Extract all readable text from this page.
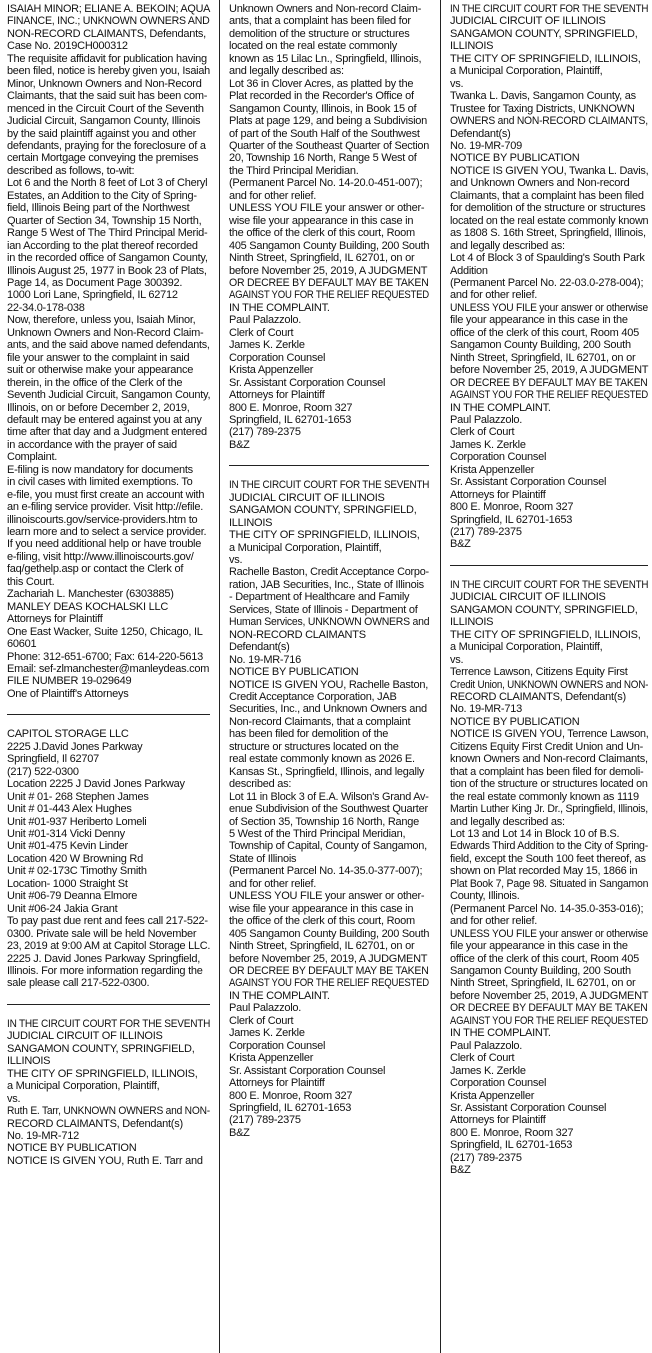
ISAIAH MINOR; ELIANE A. BEKOIN; AQUA
FINANCE, INC.; UNKNOWN OWNERS AND
NON-RECORD CLAIMANTS, Defendants,
Case No. 2019CH000312
The requisite affidavit for publication having
been filed, notice is hereby given you, Isaiah
Minor, Unknown Owners and Non-Record
Claimants, that the said suit has been com-
menced in the Circuit Court of the Seventh
Judicial Circuit, Sangamon County, Illinois
by the said plaintiff against you and other
defendants, praying for the foreclosure of a
certain Mortgage conveying the premises
described as follows, to-wit:
Lot 6 and the North 8 feet of Lot 3 of Cheryl
Estates, an Addition to the City of Spring-
field, Illinois Being part of the Northwest
Quarter of Section 34, Township 15 North,
Range 5 West of The Third Principal Merid-
ian According to the plat thereof recorded
in the recorded office of Sangamon County,
Illinois August 25, 1977 in Book 23 of Plats,
Page 14, as Document Page 300392.
1000 Lori Lane, Springfield, IL 62712
22-34.0-178-038
Now, therefore, unless you, Isaiah Minor,
Unknown Owners and Non-Record Claim-
ants, and the said above named defendants,
file your answer to the complaint in said
suit or otherwise make your appearance
therein, in the office of the Clerk of the
Seventh Judicial Circuit, Sangamon County,
Illinois, on or before December 2, 2019,
default may be entered against you at any
time after that day and a Judgment entered
in accordance with the prayer of said
Complaint.
E-filing is now mandatory for documents
in civil cases with limited exemptions. To
e-file, you must first create an account with
an e-filing service provider. Visit http://efile.
illinoiscourts.gov/service-providers.htm to
learn more and to select a service provider.
If you need additional help or have trouble
e-filing, visit http://www.illinoiscourts.gov/
faq/gethelp.asp or contact the Clerk of
this Court.
Zachariah L. Manchester (6303885)
MANLEY DEAS KOCHALSKI LLC
Attorneys for Plaintiff
One East Wacker, Suite 1250, Chicago, IL
60601
Phone: 312-651-6700; Fax: 614-220-5613
Email: sef-zlmanchester@manleydeas.com
FILE NUMBER 19-029649
One of Plaintiff's Attorneys
CAPITOL STORAGE LLC
2225 J.David Jones Parkway
Springfield, Il 62707
(217) 522-0300
Location 2225 J David Jones Parkway
Unit # 01- 268 Stephen James
Unit # 01-443 Alex Hughes
Unit #01-937 Heriberto Lomeli
Unit #01-314 Vicki Denny
Unit #01-475 Kevin Linder
Location 420 W Browning Rd
Unit # 02-173C Timothy Smith
Location- 1000 Straight St
Unit #06-79 Deanna Elmore
Unit #06-24 Jakia Grant
To pay past due rent and fees call 217-522-
0300. Private sale will be held November
23, 2019 at 9:00 AM at Capitol Storage LLC.
2225 J. David Jones Parkway Springfield,
Illinois. For more information regarding the
sale please call 217-522-0300.
IN THE CIRCUIT COURT FOR THE SEVENTH
JUDICIAL CIRCUIT OF ILLINOIS
SANGAMON COUNTY, SPRINGFIELD,
ILLINOIS
THE CITY OF SPRINGFIELD, ILLINOIS,
a Municipal Corporation, Plaintiff,
vs.
Ruth E. Tarr, UNKNOWN OWNERS and NON-
RECORD CLAIMANTS, Defendant(s)
No. 19-MR-712
NOTICE BY PUBLICATION
NOTICE IS GIVEN YOU, Ruth E. Tarr and
Unknown Owners and Non-record Claim-
ants, that a complaint has been filed for
demolition of the structure or structures
located on the real estate commonly
known as 15 Lilac Ln., Springfield, Illinois,
and legally described as:
Lot 36 in Clover Acres, as platted by the
Plat recorded in the Recorder's Office of
Sangamon County, Illinois, in Book 15 of
Plats at page 129, and being a Subdivision
of part of the South Half of the Southwest
Quarter of the Southeast Quarter of Section
20, Township 16 North, Range 5 West of
the Third Principal Meridian.
(Permanent Parcel No. 14-20.0-451-007);
and for other relief.
UNLESS YOU FILE your answer or other-
wise file your appearance in this case in
the office of the clerk of this court, Room
405 Sangamon County Building, 200 South
Ninth Street, Springfield, IL 62701, on or
before November 25, 2019, A JUDGMENT
OR DECREE BY DEFAULT MAY BE TAKEN
AGAINST YOU FOR THE RELIEF REQUESTED
IN THE COMPLAINT.
Paul Palazzolo.
Clerk of Court
James K. Zerkle
Corporation Counsel
Krista Appenzeller
Sr. Assistant Corporation Counsel
Attorneys for Plaintiff
800 E. Monroe, Room 327
Springfield, IL 62701-1653
(217) 789-2375
B&Z
IN THE CIRCUIT COURT FOR THE SEVENTH
JUDICIAL CIRCUIT OF ILLINOIS
SANGAMON COUNTY, SPRINGFIELD,
ILLINOIS
THE CITY OF SPRINGFIELD, ILLINOIS,
a Municipal Corporation, Plaintiff,
vs.
Rachelle Baston, Credit Acceptance Corpo-
ration, JAB Securities, Inc., State of Illinois
- Department of Healthcare and Family
Services, State of Illinois - Department of
Human Services, UNKNOWN OWNERS and
NON-RECORD CLAIMANTS
Defendant(s)
No. 19-MR-716
NOTICE BY PUBLICATION
NOTICE IS GIVEN YOU, Rachelle Baston,
Credit Acceptance Corporation, JAB
Securities, Inc., and Unknown Owners and
Non-record Claimants, that a complaint
has been filed for demolition of the
structure or structures located on the
real estate commonly known as 2026 E.
Kansas St., Springfield, Illinois, and legally
described as:
Lot 11 in Block 3 of E.A. Wilson's Grand Av-
enue Subdivision of the Southwest Quarter
of Section 35, Township 16 North, Range
5 West of the Third Principal Meridian,
Township of Capital, County of Sangamon,
State of Illinois
(Permanent Parcel No. 14-35.0-377-007);
and for other relief.
UNLESS YOU FILE your answer or other-
wise file your appearance in this case in
the office of the clerk of this court, Room
405 Sangamon County Building, 200 South
Ninth Street, Springfield, IL 62701, on or
before November 25, 2019, A JUDGMENT
OR DECREE BY DEFAULT MAY BE TAKEN
AGAINST YOU FOR THE RELIEF REQUESTED
IN THE COMPLAINT.
Paul Palazzolo.
Clerk of Court
James K. Zerkle
Corporation Counsel
Krista Appenzeller
Sr. Assistant Corporation Counsel
Attorneys for Plaintiff
800 E. Monroe, Room 327
Springfield, IL 62701-1653
(217) 789-2375
B&Z
IN THE CIRCUIT COURT FOR THE SEVENTH
JUDICIAL CIRCUIT OF ILLINOIS
SANGAMON COUNTY, SPRINGFIELD,
ILLINOIS
THE CITY OF SPRINGFIELD, ILLINOIS,
a Municipal Corporation, Plaintiff,
vs.
Twanka L. Davis, Sangamon County, as
Trustee for Taxing Districts, UNKNOWN
OWNERS and NON-RECORD CLAIMANTS,
Defendant(s)
No. 19-MR-709
NOTICE BY PUBLICATION
NOTICE IS GIVEN YOU, Twanka L. Davis,
and Unknown Owners and Non-record
Claimants, that a complaint has been filed
for demolition of the structure or structures
located on the real estate commonly known
as 1808 S. 16th Street, Springfield, Illinois,
and legally described as:
Lot 4 of Block 3 of Spaulding's South Park
Addition
(Permanent Parcel No. 22-03.0-278-004);
and for other relief.
UNLESS YOU FILE your answer or otherwise
file your appearance in this case in the
office of the clerk of this court, Room 405
Sangamon County Building, 200 South
Ninth Street, Springfield, IL 62701, on or
before November 25, 2019, A JUDGMENT
OR DECREE BY DEFAULT MAY BE TAKEN
AGAINST YOU FOR THE RELIEF REQUESTED
IN THE COMPLAINT.
Paul Palazzolo.
Clerk of Court
James K. Zerkle
Corporation Counsel
Krista Appenzeller
Sr. Assistant Corporation Counsel
Attorneys for Plaintiff
800 E. Monroe, Room 327
Springfield, IL 62701-1653
(217) 789-2375
B&Z
IN THE CIRCUIT COURT FOR THE SEVENTH
JUDICIAL CIRCUIT OF ILLINOIS
SANGAMON COUNTY, SPRINGFIELD,
ILLINOIS
THE CITY OF SPRINGFIELD, ILLINOIS,
a Municipal Corporation, Plaintiff,
vs.
Terrence Lawson, Citizens Equity First
Credit Union, UNKNOWN OWNERS and NON-
RECORD CLAIMANTS, Defendant(s)
No. 19-MR-713
NOTICE BY PUBLICATION
NOTICE IS GIVEN YOU, Terrence Lawson,
Citizens Equity First Credit Union and Un-
known Owners and Non-record Claimants,
that a complaint has been filed for demoli-
tion of the structure or structures located on
the real estate commonly known as 1119
Martin Luther King Jr. Dr., Springfield, Illinois,
and legally described as:
Lot 13 and Lot 14 in Block 10 of B.S.
Edwards Third Addition to the City of Spring-
field, except the South 100 feet thereof, as
shown on Plat recorded May 15, 1866 in
Plat Book 7, Page 98. Situated in Sangamon
County, Illinois.
(Permanent Parcel No. 14-35.0-353-016);
and for other relief.
UNLESS YOU FILE your answer or otherwise
file your appearance in this case in the
office of the clerk of this court, Room 405
Sangamon County Building, 200 South
Ninth Street, Springfield, IL 62701, on or
before November 25, 2019, A JUDGMENT
OR DECREE BY DEFAULT MAY BE TAKEN
AGAINST YOU FOR THE RELIEF REQUESTED
IN THE COMPLAINT.
Paul Palazzolo.
Clerk of Court
James K. Zerkle
Corporation Counsel
Krista Appenzeller
Sr. Assistant Corporation Counsel
Attorneys for Plaintiff
800 E. Monroe, Room 327
Springfield, IL 62701-1653
(217) 789-2375
B&Z
